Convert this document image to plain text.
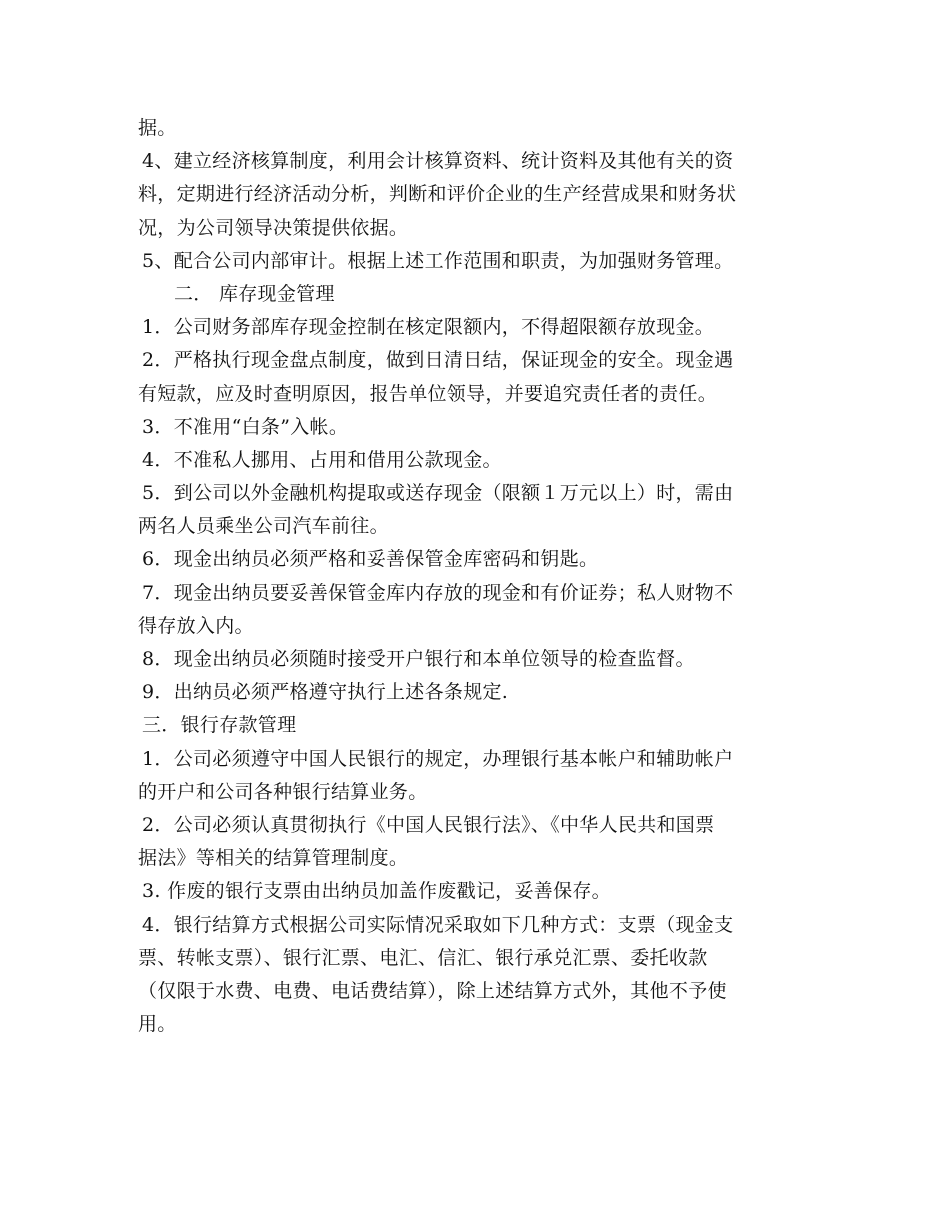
据。
4、建立经济核算制度，利用会计核算资料、统计资料及其他有关的资
料，定期进行经济活动分析，判断和评价企业的生产经营成果和财务状
况，为公司领导决策提供依据。
5、配合公司内部审计。根据上述工作范围和职责，为加强财务管理。
二． 库存现金管理
1．公司财务部库存现金控制在核定限额内，不得超限额存放现金。
2．严格执行现金盘点制度，做到日清日结，保证现金的安全。现金遇
有短款，应及时查明原因，报告单位领导，并要追究责任者的责任。
3．不准用“白条”入帐。
4．不准私人挪用、占用和借用公款现金。
5．到公司以外金融机构提取或送存现金（限额１万元以上）时，需由
两名人员乘坐公司汽车前往。
6．现金出纳员必须严格和妥善保管金库密码和钥匙。
7．现金出纳员要妥善保管金库内存放的现金和有价证券；私人财物不
得存放入内。
8．现金出纳员必须随时接受开户银行和本单位领导的检查监督。
9．出纳员必须严格遵守执行上述各条规定.
三．银行存款管理
1．公司必须遵守中国人民银行的规定，办理银行基本帐户和辅助帐户
的开户和公司各种银行结算业务。
2．公司必须认真贯彻执行《中国人民银行法》、《中华人民共和国票
据法》等相关的结算管理制度。
3. 作废的银行支票由出纳员加盖作废戳记，妥善保存。
4．银行结算方式根据公司实际情况采取如下几种方式：支票（现金支
票、转帐支票）、银行汇票、电汇、信汇、银行承兑汇票、委托收款
（仅限于水费、电费、电话费结算），除上述结算方式外，其他不予使
用。
